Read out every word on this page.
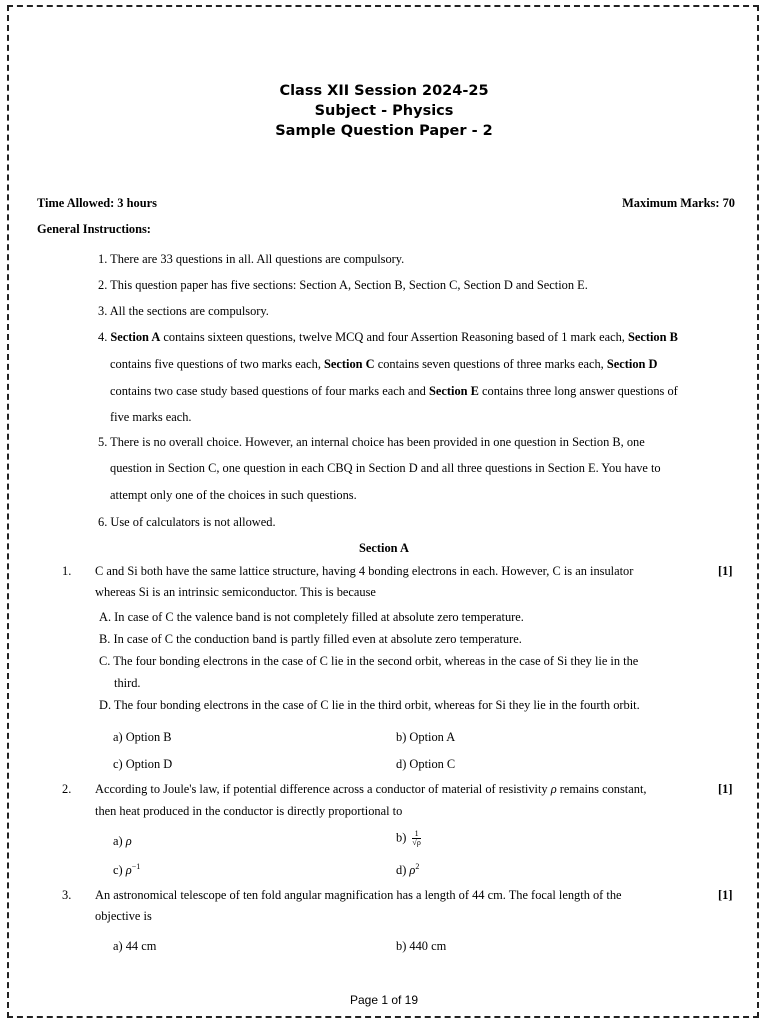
Class XII Session 2024-25
Subject - Physics
Sample Question Paper - 2
Time Allowed: 3 hours	Maximum Marks: 70
General Instructions:
1. There are 33 questions in all. All questions are compulsory.
2. This question paper has five sections: Section A, Section B, Section C, Section D and Section E.
3. All the sections are compulsory.
4. Section A contains sixteen questions, twelve MCQ and four Assertion Reasoning based of 1 mark each, Section B
contains five questions of two marks each, Section C contains seven questions of three marks each, Section D
contains two case study based questions of four marks each and Section E contains three long answer questions of
five marks each.
5. There is no overall choice. However, an internal choice has been provided in one question in Section B, one
question in Section C, one question in each CBQ in Section D and all three questions in Section E. You have to
attempt only one of the choices in such questions.
6. Use of calculators is not allowed.
Section A
1. C and Si both have the same lattice structure, having 4 bonding electrons in each. However, C is an insulator	[1]
whereas Si is an intrinsic semiconductor. This is because
A. In case of C the valence band is not completely filled at absolute zero temperature.
B. In case of C the conduction band is partly filled even at absolute zero temperature.
C. The four bonding electrons in the case of C lie in the second orbit, whereas in the case of Si they lie in the
third.
D. The four bonding electrons in the case of C lie in the third orbit, whereas for Si they lie in the fourth orbit.
a) Option B	b) Option A
c) Option D	d) Option C
2. According to Joule's law, if potential difference across a conductor of material of resistivity ρ remains constant,	[1]
then heat produced in the conductor is directly proportional to
a) ρ	$b) \frac{1}{√\rho}$
c) $\rho^{-1}$	d) $\rho^2$
3. An astronomical telescope of ten fold angular magnification has a length of 44 cm. The focal length of the	[1]
objective is
a) 44 cm	b) 440 cm
Page 1 of 19
